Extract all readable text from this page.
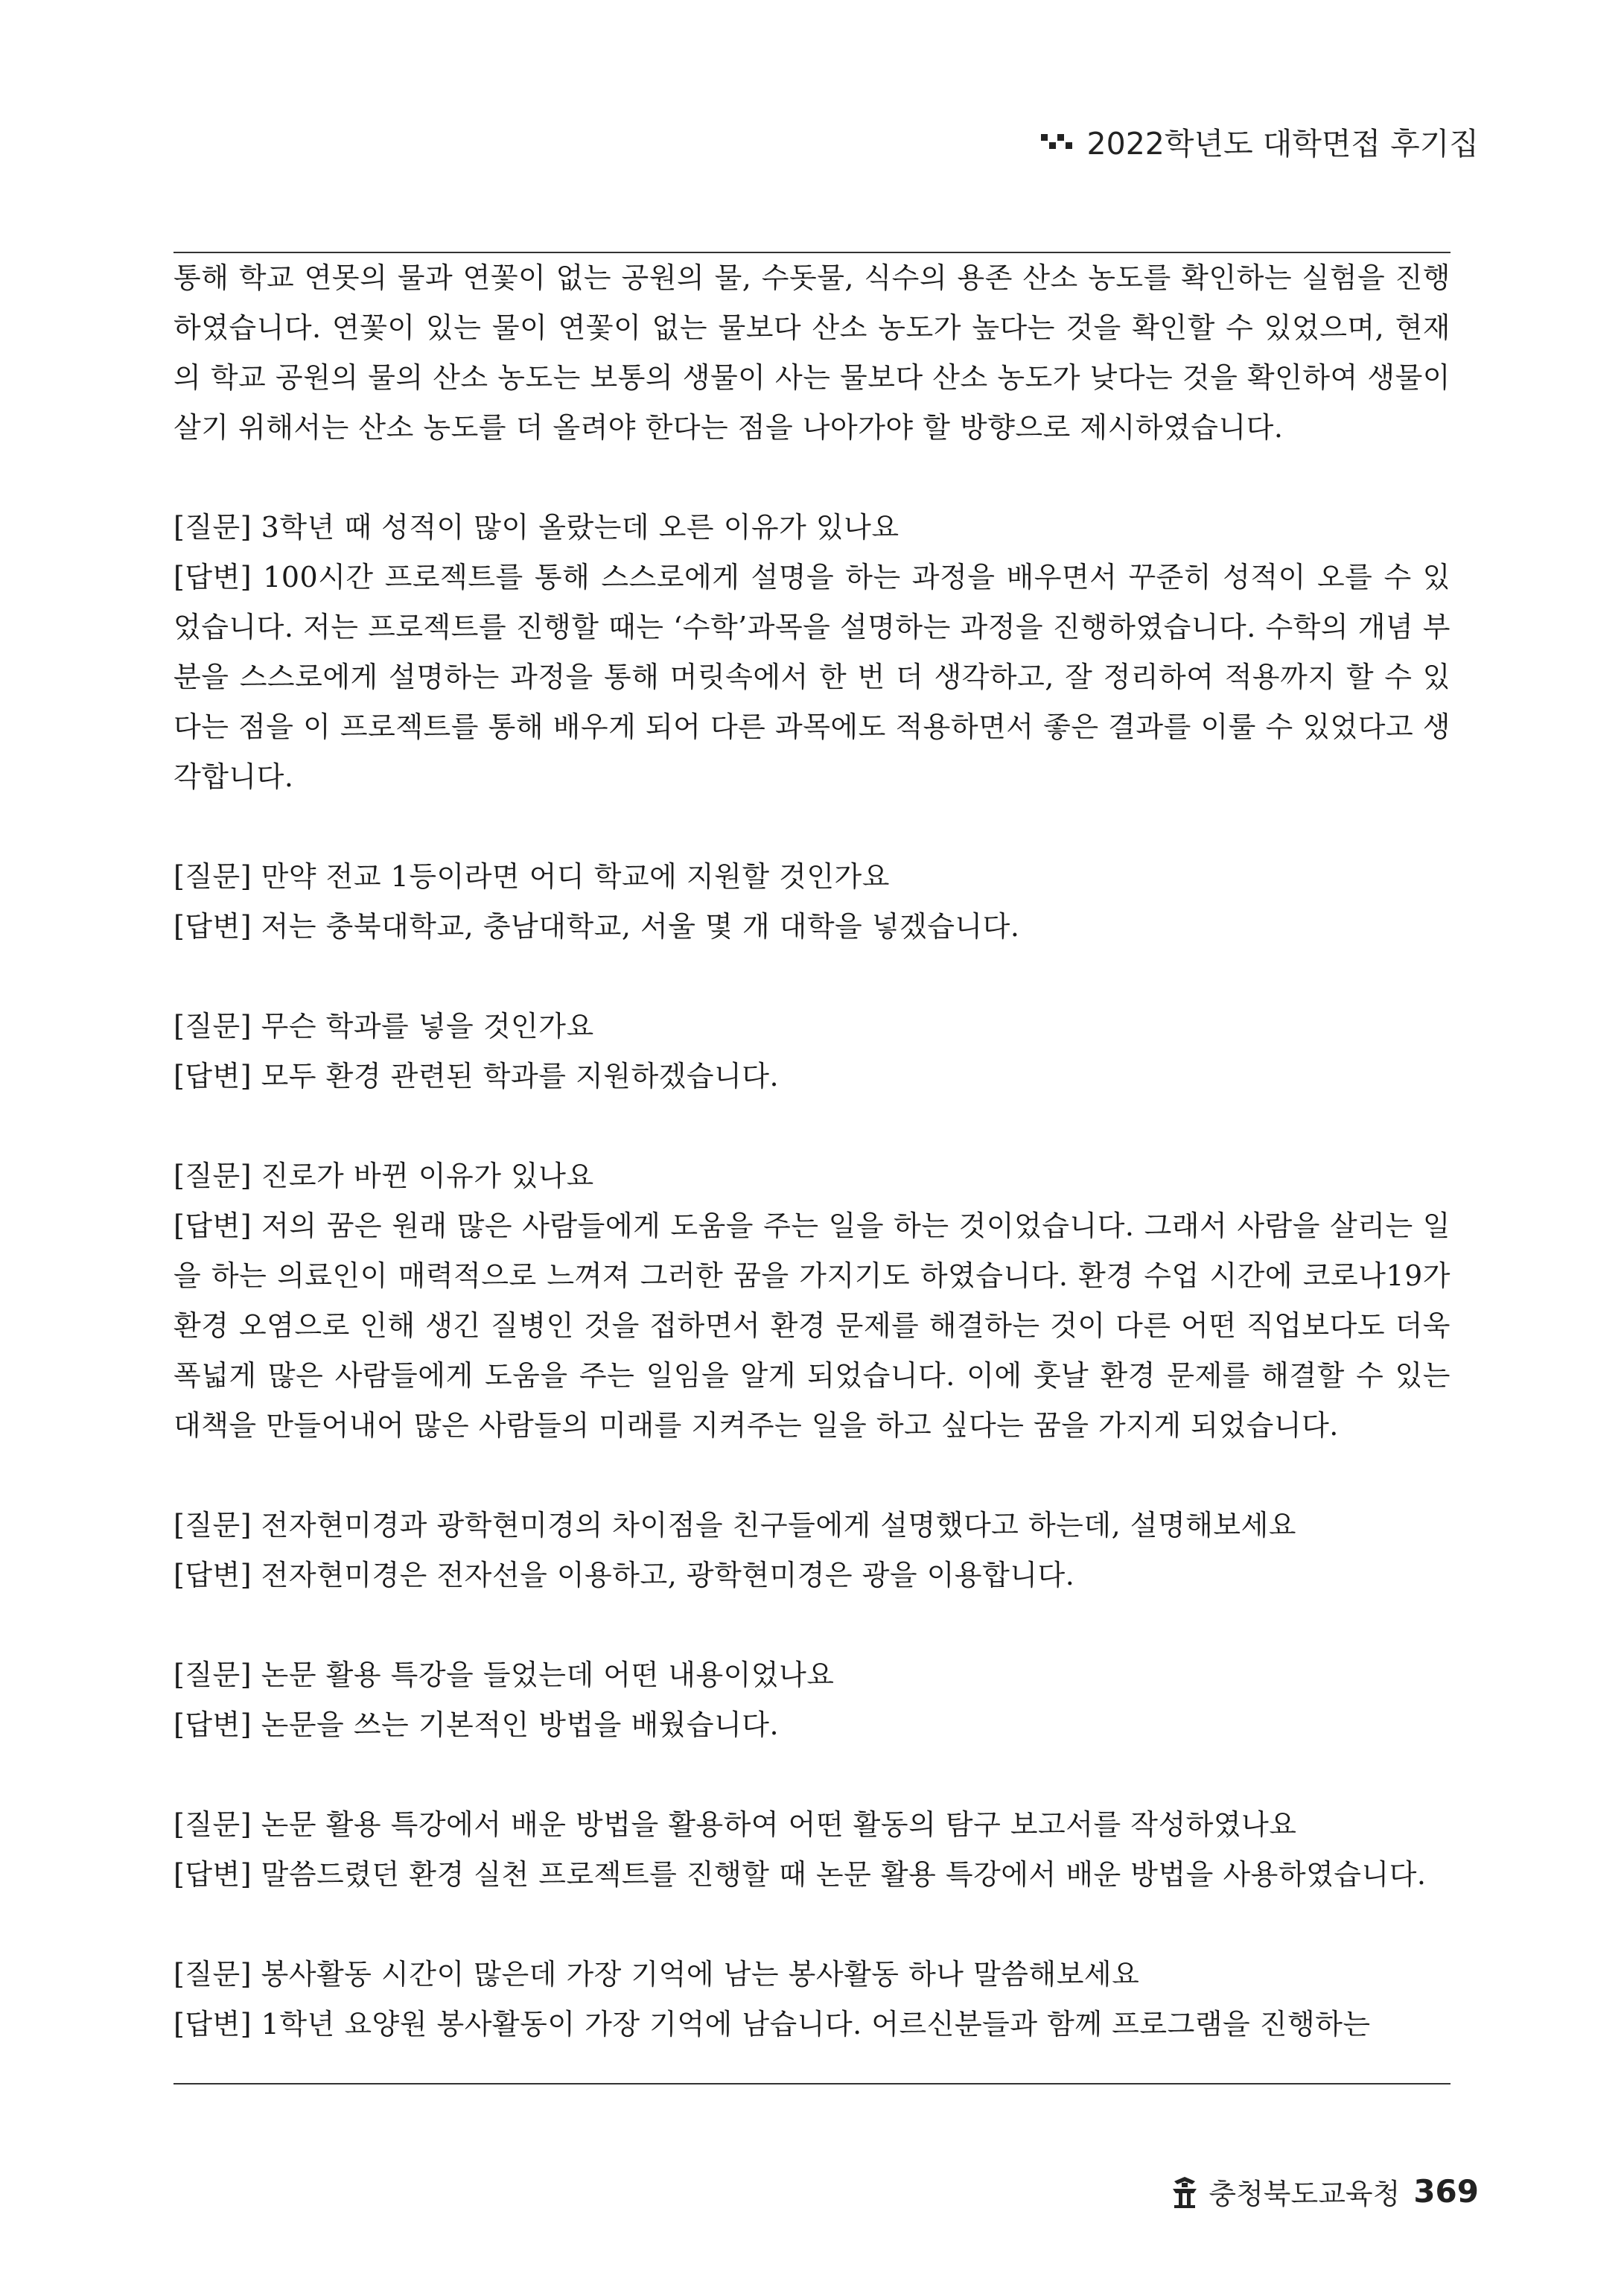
2022학년도 대학면접 후기집

통해 학교 연못의 물과 연꽃이 없는 공원의 물, 수돗물, 식수의 용존 산소 농도를 확인하는 실험을 진행하였습니다. 연꽃이 있는 물이 연꽃이 없는 물보다 산소 농도가 높다는 것을 확인할 수 있었으며, 현재의 학교 공원의 물의 산소 농도는 보통의 생물이 사는 물보다 산소 농도가 낮다는 것을 확인하여 생물이 살기 위해서는 산소 농도를 더 올려야 한다는 점을 나아가야 할 방향으로 제시하였습니다.

[질문] 3학년 때 성적이 많이 올랐는데 오른 이유가 있나요

[답변] 100시간 프로젝트를 통해 스스로에게 설명을 하는 과정을 배우면서 꾸준히 성적이 오를 수 있었습니다. 저는 프로젝트를 진행할 때는 ‘수학’과목을 설명하는 과정을 진행하였습니다. 수학의 개념 부분을 스스로에게 설명하는 과정을 통해 머릿속에서 한 번 더 생각하고, 잘 정리하여 적용까지 할 수 있다는 점을 이 프로젝트를 통해 배우게 되어 다른 과목에도 적용하면서 좋은 결과를 이룰 수 있었다고 생각합니다.

[질문] 만약 전교 1등이라면 어디 학교에 지원할 것인가요

[답변] 저는 충북대학교, 충남대학교, 서울 몇 개 대학을 넣겠습니다.

[질문] 무슨 학과를 넣을 것인가요

[답변] 모두 환경 관련된 학과를 지원하겠습니다.

[질문] 진로가 바뀐 이유가 있나요

[답변] 저의 꿈은 원래 많은 사람들에게 도움을 주는 일을 하는 것이었습니다. 그래서 사람을 살리는 일을 하는 의료인이 매력적으로 느껴져 그러한 꿈을 가지기도 하였습니다. 환경 수업 시간에 코로나19가 환경 오염으로 인해 생긴 질병인 것을 접하면서 환경 문제를 해결하는 것이 다른 어떤 직업보다도 더욱 폭넓게 많은 사람들에게 도움을 주는 일임을 알게 되었습니다. 이에 훗날 환경 문제를 해결할 수 있는 대책을 만들어내어 많은 사람들의 미래를 지켜주는 일을 하고 싶다는 꿈을 가지게 되었습니다.

[질문] 전자현미경과 광학현미경의 차이점을 친구들에게 설명했다고 하는데, 설명해보세요

[답변] 전자현미경은 전자선을 이용하고, 광학현미경은 광을 이용합니다.

[질문] 논문 활용 특강을 들었는데 어떤 내용이었나요

[답변] 논문을 쓰는 기본적인 방법을 배웠습니다.

[질문] 논문 활용 특강에서 배운 방법을 활용하여 어떤 활동의 탐구 보고서를 작성하였나요

[답변] 말씀드렸던 환경 실천 프로젝트를 진행할 때 논문 활용 특강에서 배운 방법을 사용하였습니다.

[질문] 봉사활동 시간이 많은데 가장 기억에 남는 봉사활동 하나 말씀해보세요

[답변] 1학년 요양원 봉사활동이 가장 기억에 남습니다. 어르신분들과 함께 프로그램을 진행하는

충청북도교육청 369
